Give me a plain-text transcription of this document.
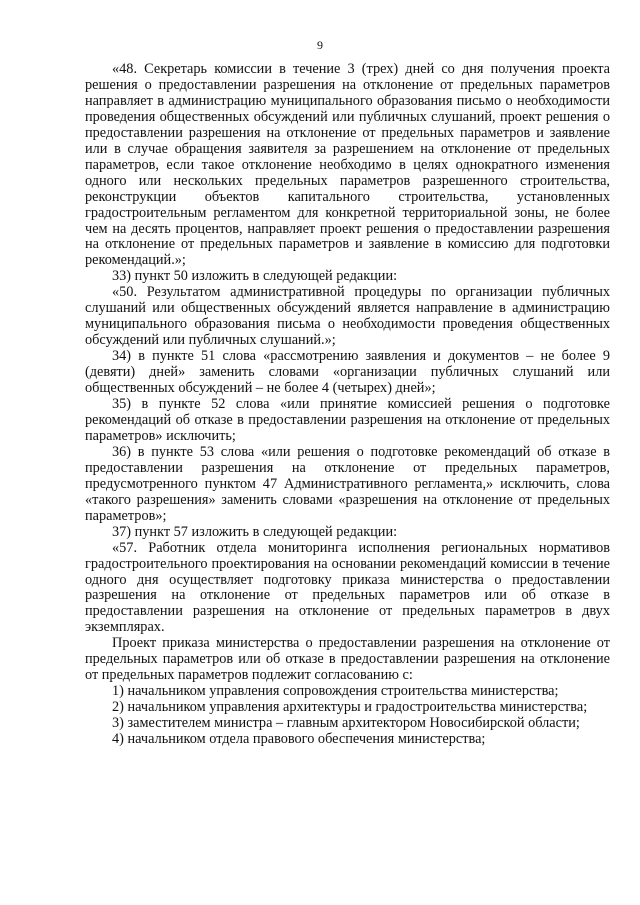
9

«48. Секретарь комиссии в течение 3 (трех) дней со дня получения проекта решения о предоставлении разрешения на отклонение от предельных параметров направляет в администрацию муниципального образования письмо о необходимости проведения общественных обсуждений или публичных слушаний, проект решения о предоставлении разрешения на отклонение от предельных параметров и заявление или в случае обращения заявителя за разрешением на отклонение от предельных параметров, если такое отклонение необходимо в целях однократного изменения одного или нескольких предельных параметров разрешенного строительства, реконструкции объектов капитального строительства, установленных градостроительным регламентом для конкретной территориальной зоны, не более чем на десять процентов, направляет проект решения о предоставлении разрешения на отклонение от предельных параметров и заявление в комиссию для подготовки рекомендаций.»;

33) пункт 50 изложить в следующей редакции:

«50. Результатом административной процедуры по организации публичных слушаний или общественных обсуждений является направление в администрацию муниципального образования письма о необходимости проведения общественных обсуждений или публичных слушаний.»;

34) в пункте 51 слова «рассмотрению заявления и документов – не более 9 (девяти) дней» заменить словами «организации публичных слушаний или общественных обсуждений – не более 4 (четырех) дней»;

35) в пункте 52 слова «или принятие комиссией решения о подготовке рекомендаций об отказе в предоставлении разрешения на отклонение от предельных параметров» исключить;

36) в пункте 53 слова «или решения о подготовке рекомендаций об отказе в предоставлении разрешения на отклонение от предельных параметров, предусмотренного пунктом 47 Административного регламента,» исключить, слова «такого разрешения» заменить словами «разрешения на отклонение от предельных параметров»;

37) пункт 57 изложить в следующей редакции:

«57. Работник отдела мониторинга исполнения региональных нормативов градостроительного проектирования на основании рекомендаций комиссии в течение одного дня осуществляет подготовку приказа министерства о предоставлении разрешения на отклонение от предельных параметров или об отказе в предоставлении разрешения на отклонение от предельных параметров в двух экземплярах.

Проект приказа министерства о предоставлении разрешения на отклонение от предельных параметров или об отказе в предоставлении разрешения на отклонение от предельных параметров подлежит согласованию с:

1) начальником управления сопровождения строительства министерства;

2) начальником управления архитектуры и градостроительства министерства;

3) заместителем министра – главным архитектором Новосибирской области;

4) начальником отдела правового обеспечения министерства;
